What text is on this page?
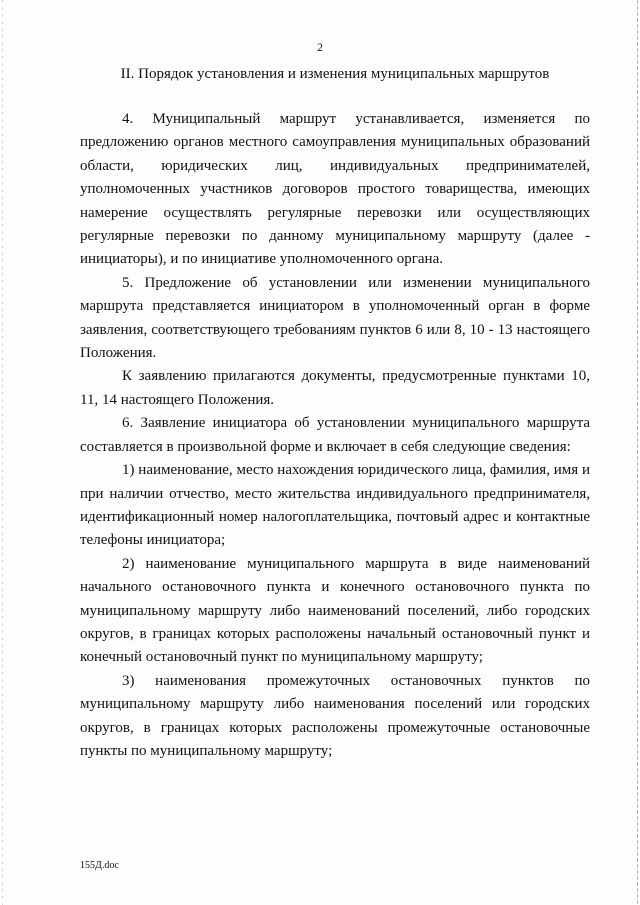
2
II. Порядок установления и изменения муниципальных маршрутов

4. Муниципальный маршрут устанавливается, изменяется по предложению органов местного самоуправления муниципальных образований области, юридических лиц, индивидуальных предпринимателей, уполномоченных участников договоров простого товарищества, имеющих намерение осуществлять регулярные перевозки или осуществляющих регулярные перевозки по данному муниципальному маршруту (далее - инициаторы), и по инициативе уполномоченного органа.

5. Предложение об установлении или изменении муниципального маршрута представляется инициатором в уполномоченный орган в форме заявления, соответствующего требованиям пунктов 6 или 8, 10 - 13 настоящего Положения.

К заявлению прилагаются документы, предусмотренные пунктами 10, 11, 14 настоящего Положения.

6. Заявление инициатора об установлении муниципального маршрута составляется в произвольной форме и включает в себя следующие сведения:

1) наименование, место нахождения юридического лица, фамилия, имя и при наличии отчество, место жительства индивидуального предпринимателя, идентификационный номер налогоплательщика, почтовый адрес и контактные телефоны инициатора;

2) наименование муниципального маршрута в виде наименований начального остановочного пункта и конечного остановочного пункта по муниципальному маршруту либо наименований поселений, либо городских округов, в границах которых расположены начальный остановочный пункт и конечный остановочный пункт по муниципальному маршруту;

3) наименования промежуточных остановочных пунктов по муниципальному маршруту либо наименования поселений или городских округов, в границах которых расположены промежуточные остановочные пункты по муниципальному маршруту;

155Д.doc
